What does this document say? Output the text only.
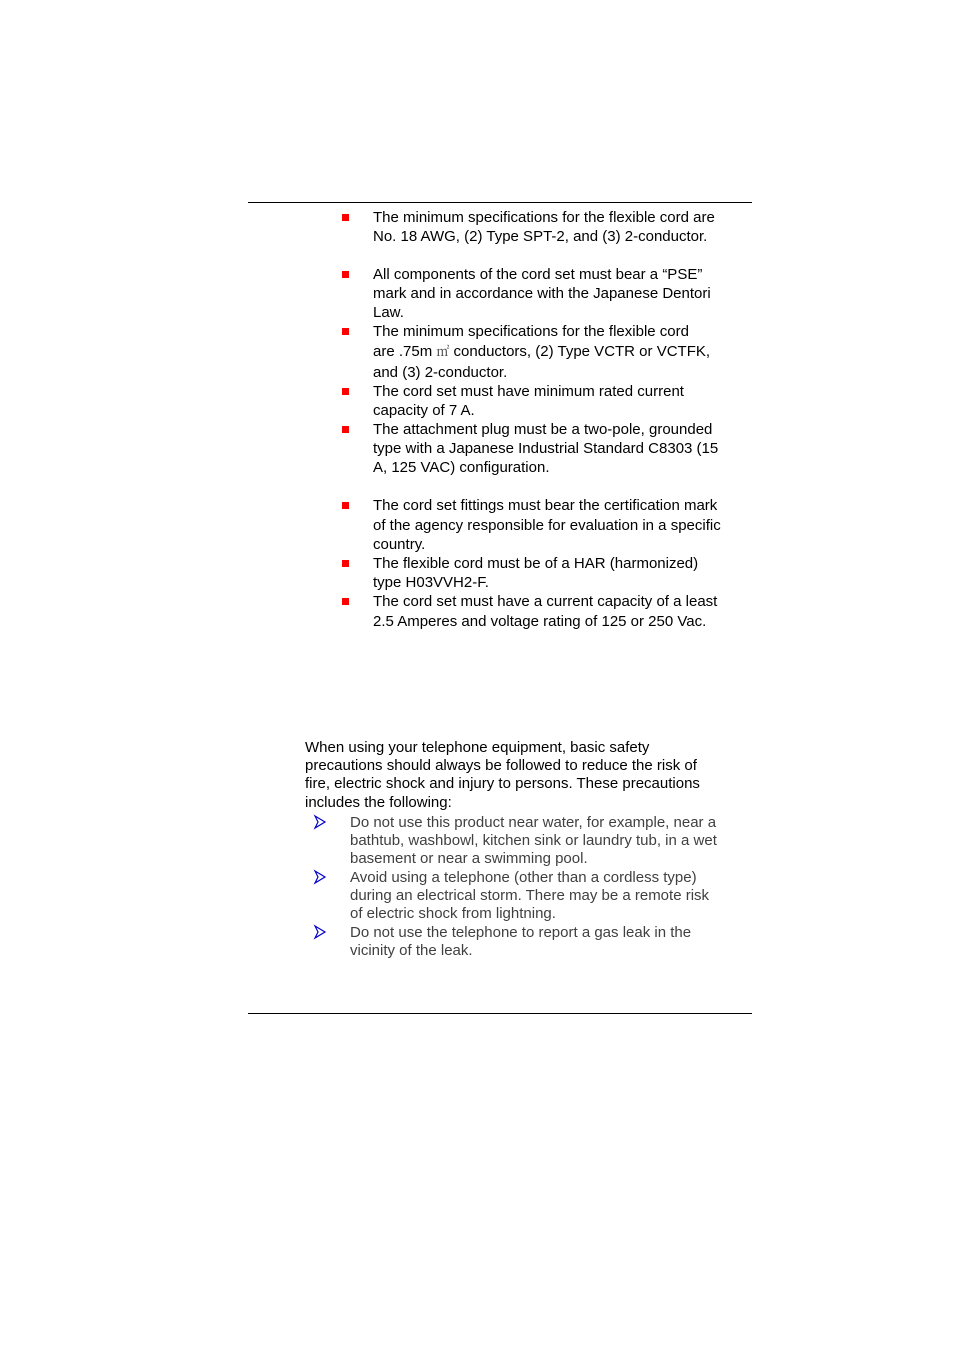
The minimum specifications for the flexible cord are
No. 18 AWG, (2) Type SPT-2, and (3) 2-conductor.
All components of the cord set must bear a “PSE”
mark and in accordance with the Japanese Dentori
Law.
The minimum specifications for the flexible cord
are .75m ㎡ conductors, (2) Type VCTR or VCTFK,
and (3) 2-conductor.
The cord set must have minimum rated current
capacity of 7 A.
The attachment plug must be a two-pole, grounded
type with a Japanese Industrial Standard C8303 (15
A, 125 VAC) configuration.
The cord set fittings must bear the certification mark
of the agency responsible for evaluation in a specific
country.
The flexible cord must be of a HAR (harmonized)
type H03VVH2-F.
The cord set must have a current capacity of a least
2.5 Amperes and voltage rating of 125 or 250 Vac.
When using your telephone equipment, basic safety
precautions should always be followed to reduce the risk of
fire, electric shock and injury to persons. These precautions
includes the following:
Do not use this product near water, for example, near a
bathtub, washbowl, kitchen sink or laundry tub, in a wet
basement or near a swimming pool.
Avoid using a telephone (other than a cordless type)
during an electrical storm. There may be a remote risk
of electric shock from lightning.
Do not use the telephone to report a gas leak in the
vicinity of the leak.
